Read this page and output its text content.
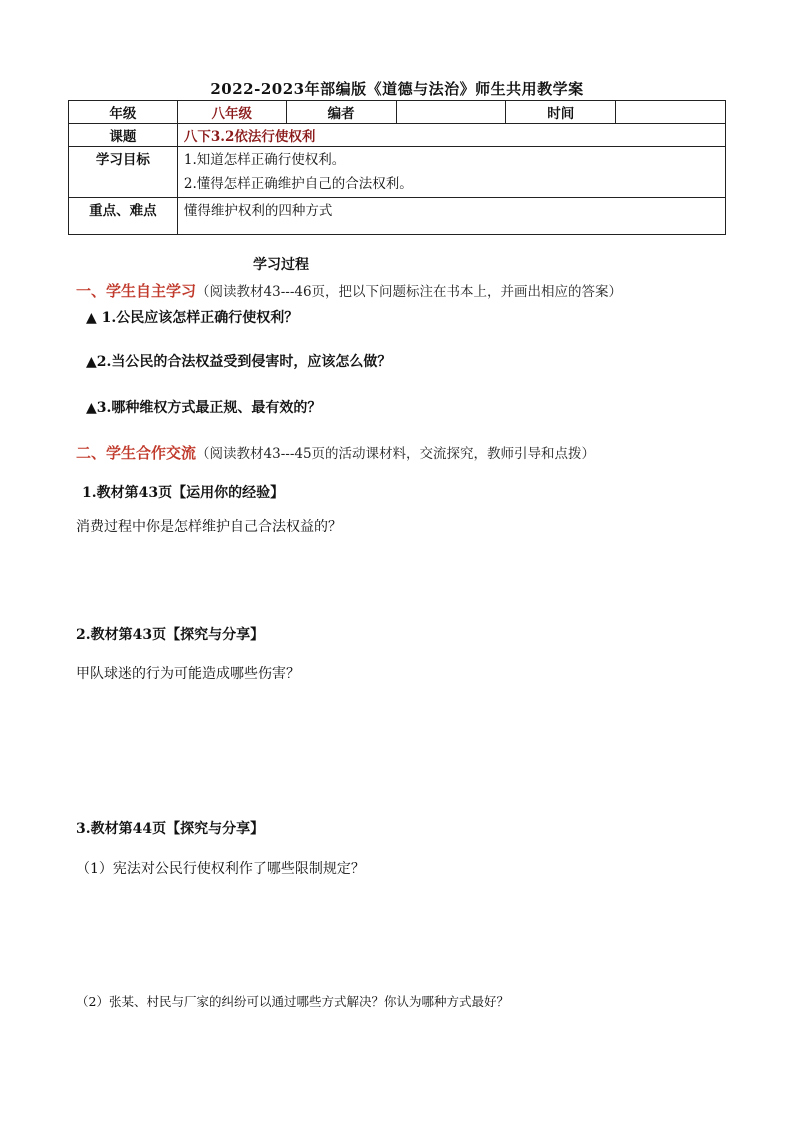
2022-2023年部编版《道德与法治》师生共用教学案
年级	八年级	编者		时间	
课题	八下3.2依法行使权利				
学习目标	1.知道怎样正确行使权利。
2.懂得怎样正确维护自己的合法权利。				

重点、难点	懂得维护权利的四种方式				
学习过程
一、学生自主学习（阅读教材43---46页，把以下问题标注在书本上，并画出相应的答案）
▲ 1.公民应该怎样正确行使权利？
▲2.当公民的合法权益受到侵害时，应该怎么做？
▲3.哪种维权方式最正规、最有效的？
二、学生合作交流（阅读教材43---45页的活动课材料，交流探究，教师引导和点拨）
1.教材第43页【运用你的经验】
消费过程中你是怎样维护自己合法权益的？
2.教材第43页【探究与分享】
甲队球迷的行为可能造成哪些伤害？
3.教材第44页【探究与分享】
（1）宪法对公民行使权利作了哪些限制规定？
（2）张某、村民与厂家的纠纷可以通过哪些方式解决？你认为哪种方式最好？
